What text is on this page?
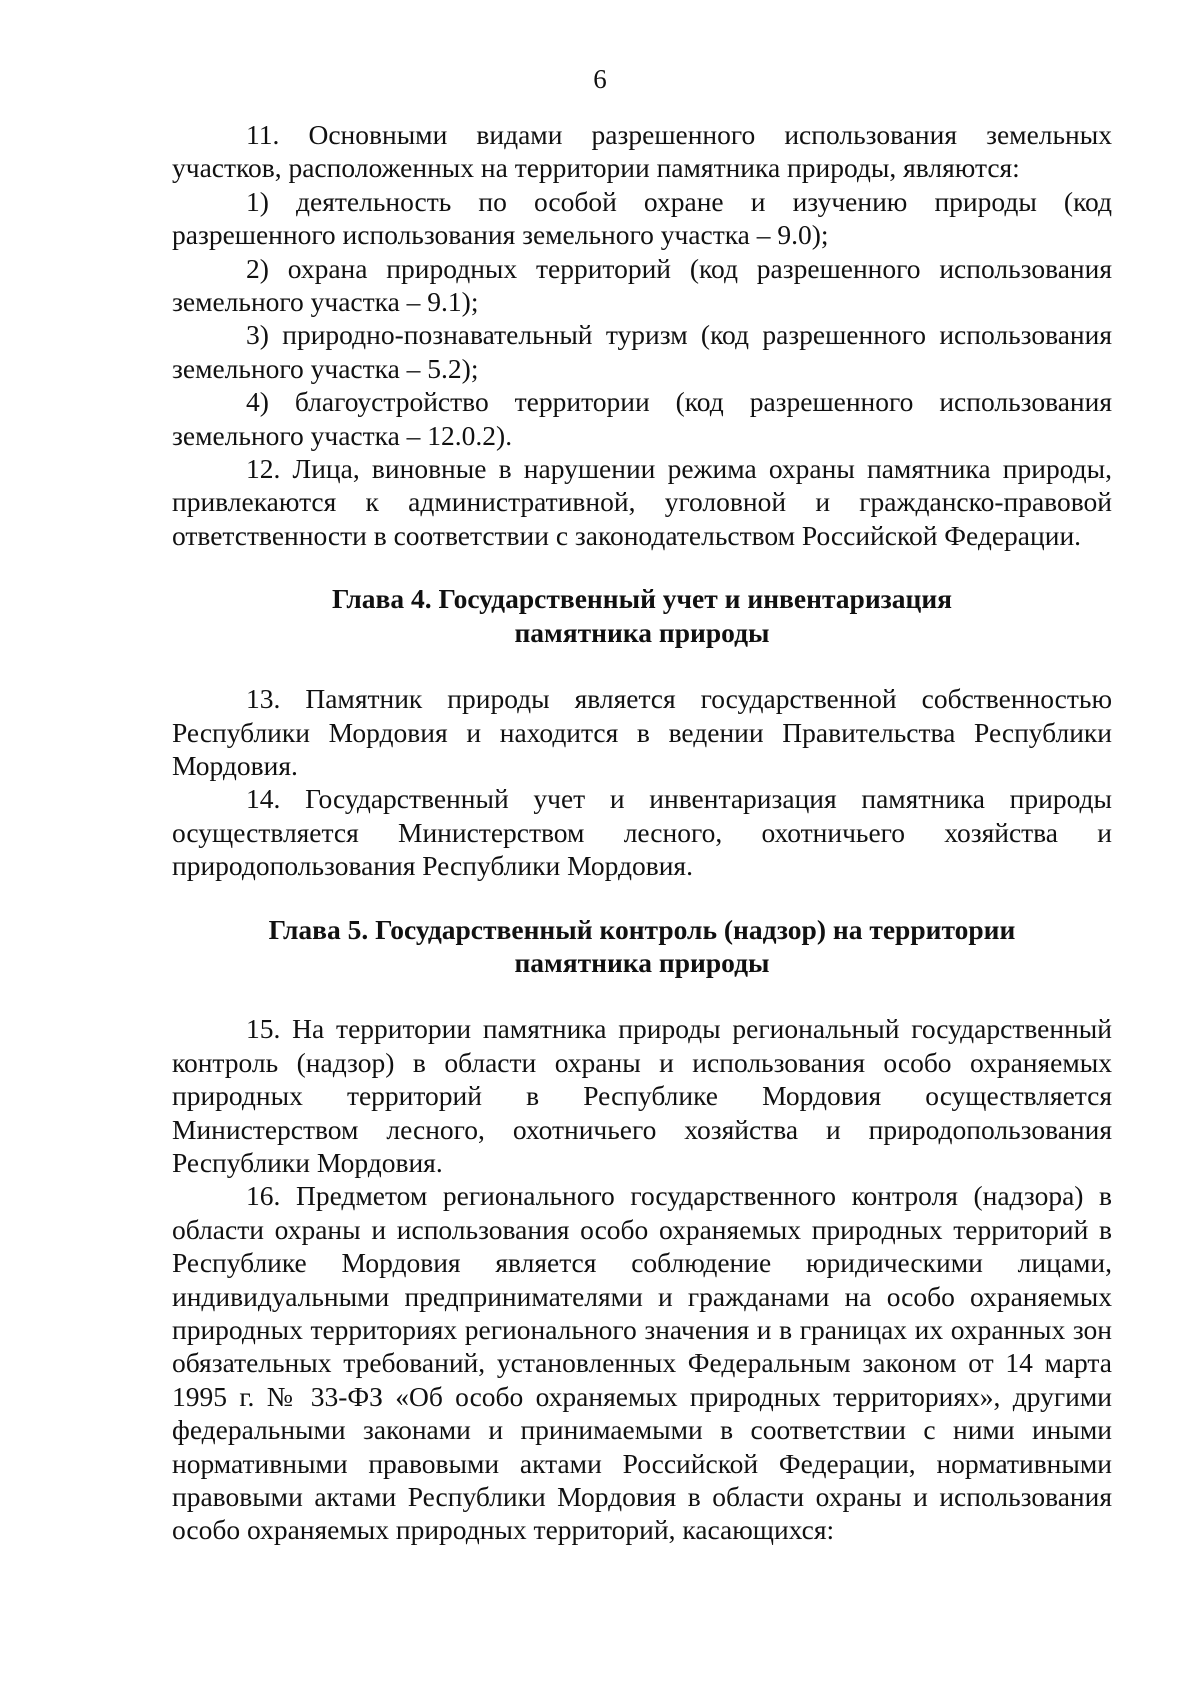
6

11. Основными видами разрешенного использования земельных участков, расположенных на территории памятника природы, являются:

1) деятельность по особой охране и изучению природы (код разрешенного использования земельного участка – 9.0);

2) охрана природных территорий (код разрешенного использования земельного участка – 9.1);

3) природно-познавательный туризм (код разрешенного использования земельного участка – 5.2);

4) благоустройство территории (код разрешенного использования земельного участка – 12.0.2).

12. Лица, виновные в нарушении режима охраны памятника природы, привлекаются к административной, уголовной и гражданско-правовой ответственности в соответствии с законодательством Российской Федерации.

Глава 4. Государственный учет и инвентаризация
памятника природы

13. Памятник природы является государственной собственностью Республики Мордовия и находится в ведении Правительства Республики Мордовия.

14. Государственный учет и инвентаризация памятника природы осуществляется Министерством лесного, охотничьего хозяйства и природопользования Республики Мордовия.

Глава 5. Государственный контроль (надзор) на территории
памятника природы

15. На территории памятника природы региональный государственный контроль (надзор) в области охраны и использования особо охраняемых природных территорий в Республике Мордовия осуществляется Министерством лесного, охотничьего хозяйства и природопользования Республики Мордовия.

16. Предметом регионального государственного контроля (надзора) в области охраны и использования особо охраняемых природных территорий в Республике Мордовия является соблюдение юридическими лицами, индивидуальными предпринимателями и гражданами на особо охраняемых природных территориях регионального значения и в границах их охранных зон обязательных требований, установленных Федеральным законом от 14 марта 1995 г. № 33-ФЗ «Об особо охраняемых природных территориях», другими федеральными законами и принимаемыми в соответствии с ними иными нормативными правовыми актами Российской Федерации, нормативными правовыми актами Республики Мордовия в области охраны и использования особо охраняемых природных территорий, касающихся:
